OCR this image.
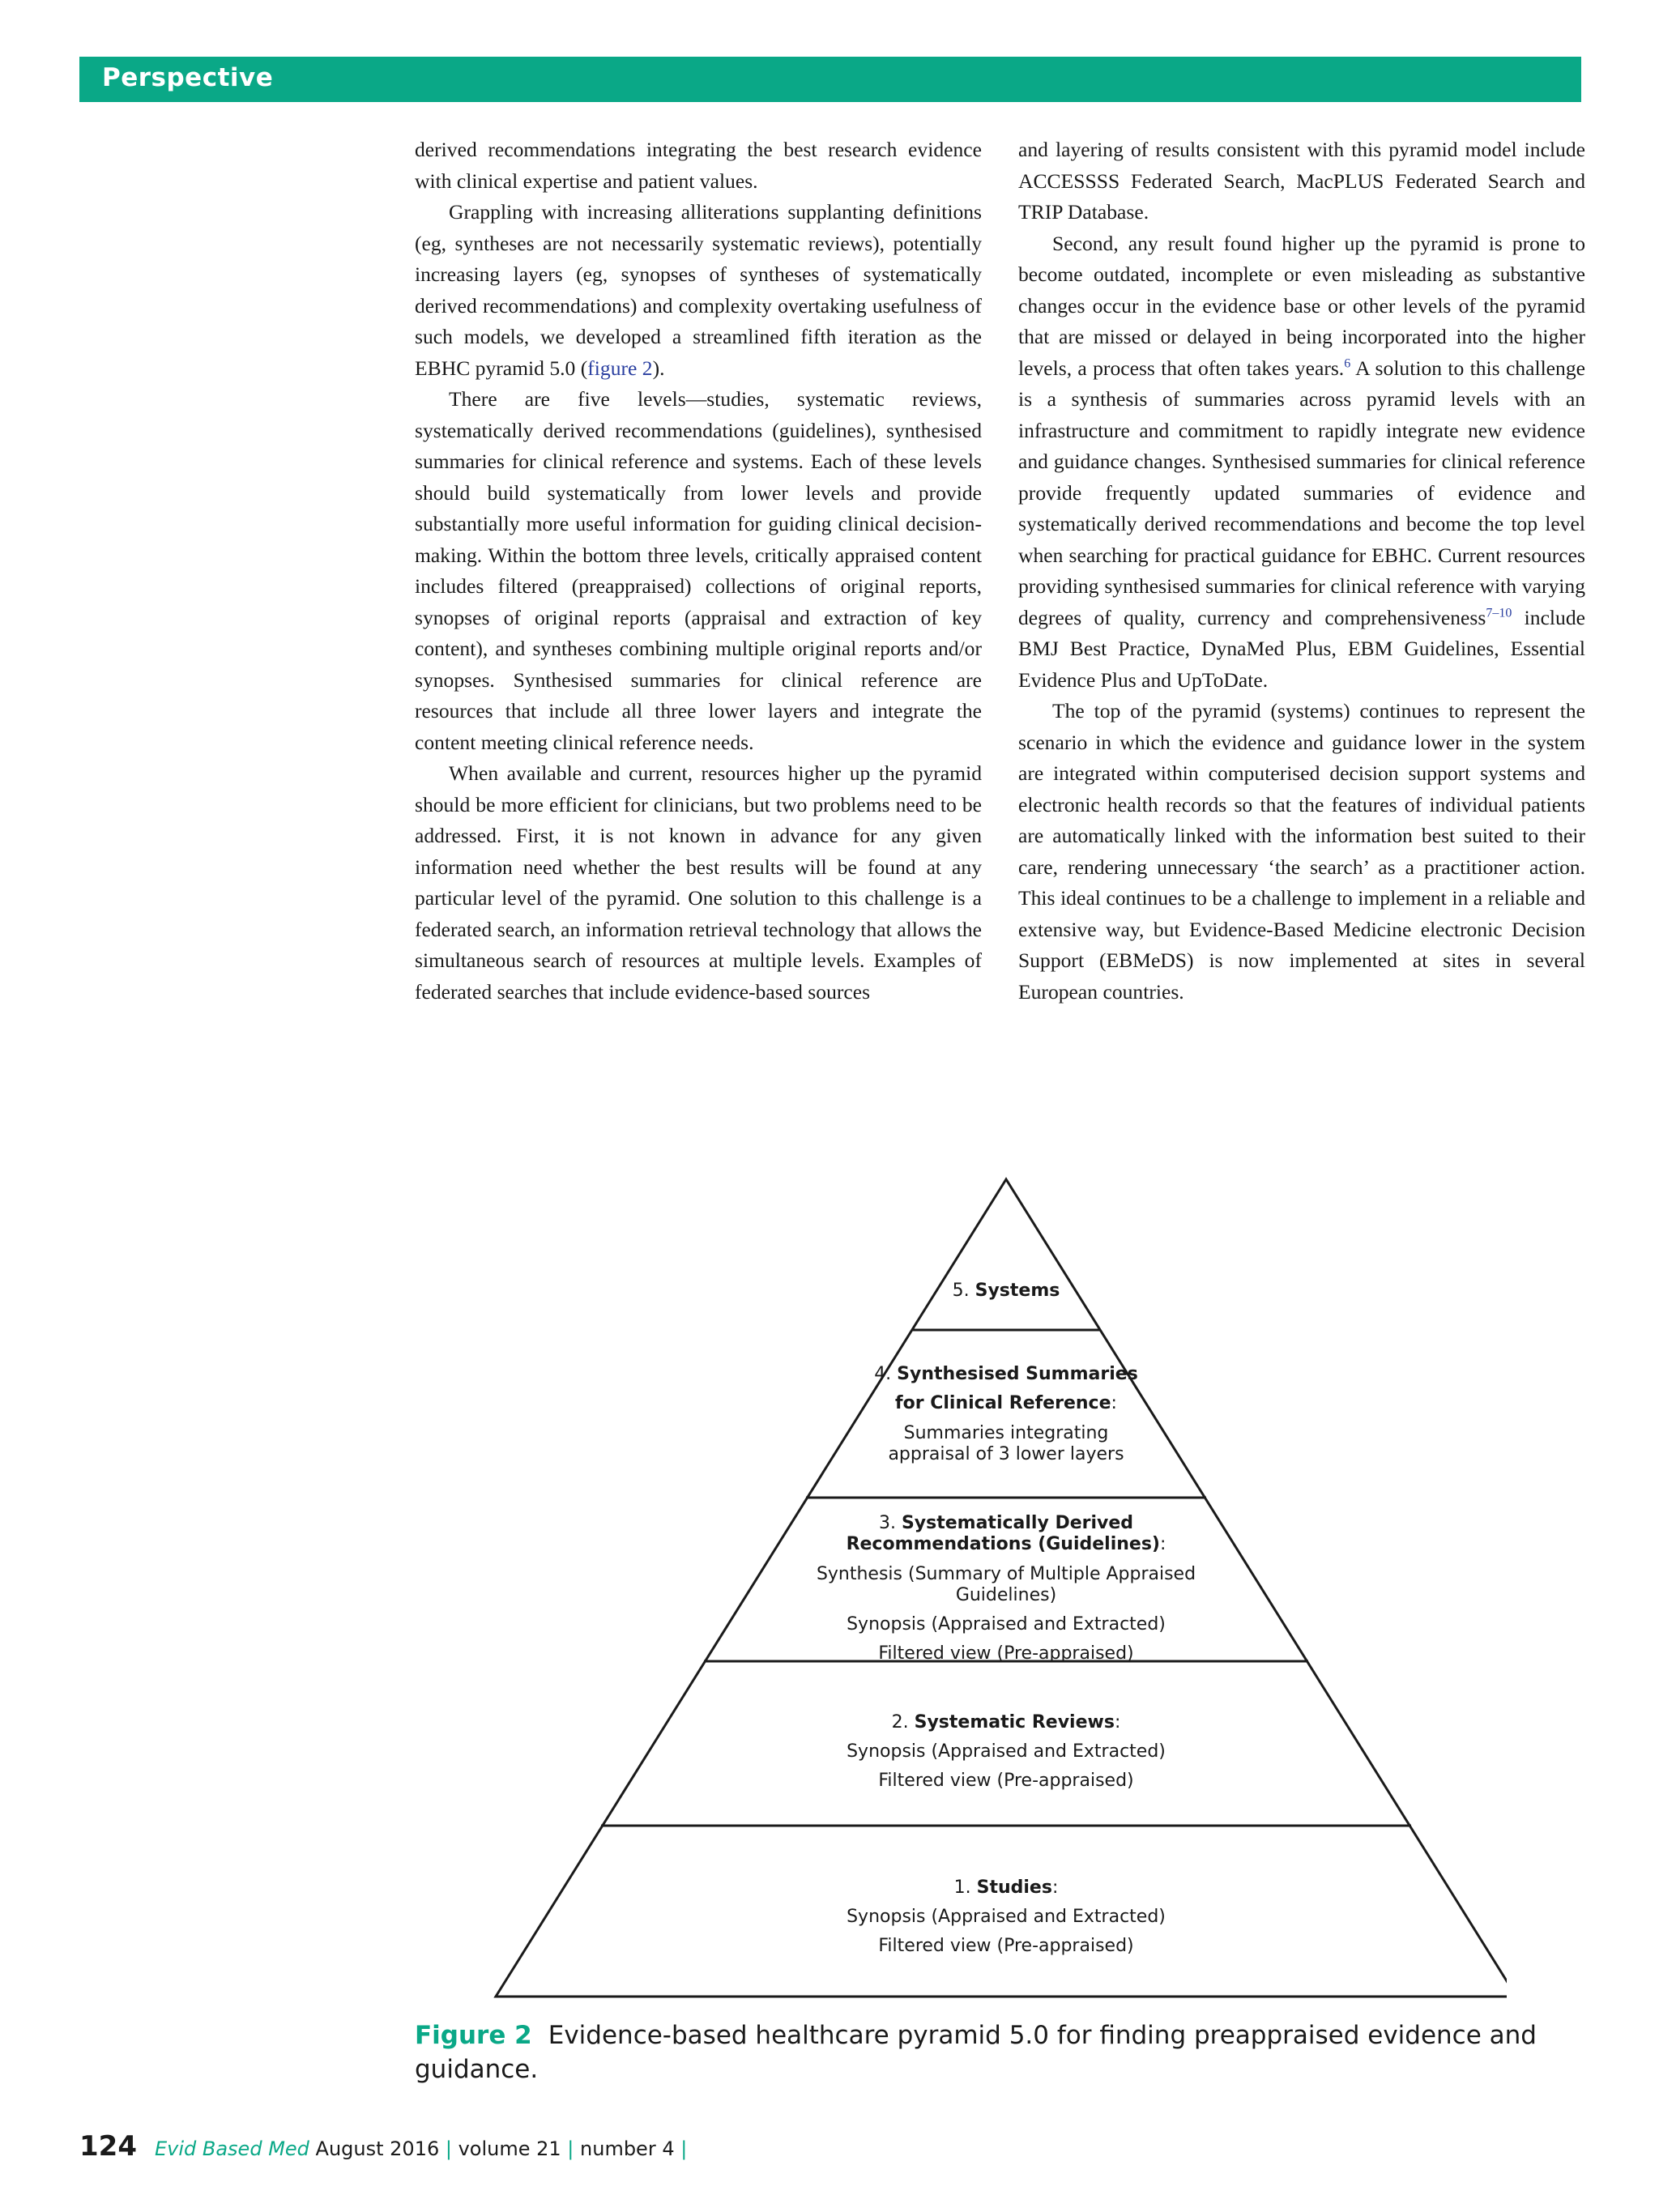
Perspective

derived recommendations integrating the best research evidence with clinical expertise and patient values.

Grappling with increasing alliterations supplanting definitions (eg, syntheses are not necessarily systematic reviews), potentially increasing layers (eg, synopses of syntheses of systematically derived recommendations) and complexity overtaking usefulness of such models, we developed a streamlined fifth iteration as the EBHC pyramid 5.0 (figure 2).

There are five levels—studies, systematic reviews, systematically derived recommendations (guidelines), synthesised summaries for clinical reference and systems. Each of these levels should build systematically from lower levels and provide substantially more useful information for guiding clinical decision-making. Within the bottom three levels, critically appraised content includes filtered (preappraised) collections of original reports, synopses of original reports (appraisal and extraction of key content), and syntheses combining multiple original reports and/or synopses. Synthesised summaries for clinical reference are resources that include all three lower layers and integrate the content meeting clinical reference needs.

When available and current, resources higher up the pyramid should be more efficient for clinicians, but two problems need to be addressed. First, it is not known in advance for any given information need whether the best results will be found at any particular level of the pyramid. One solution to this challenge is a federated search, an information retrieval technology that allows the simultaneous search of resources at multiple levels. Examples of federated searches that include evidence-based sources

and layering of results consistent with this pyramid model include ACCESSSS Federated Search, MacPLUS Federated Search and TRIP Database.

Second, any result found higher up the pyramid is prone to become outdated, incomplete or even misleading as substantive changes occur in the evidence base or other levels of the pyramid that are missed or delayed in being incorporated into the higher levels, a process that often takes years.$^6$ A solution to this challenge is a synthesis of summaries across pyramid levels with an infrastructure and commitment to rapidly integrate new evidence and guidance changes. Synthesised summaries for clinical reference provide frequently updated summaries of evidence and systematically derived recommendations and become the top level when searching for practical guidance for EBHC. Current resources providing synthesised summaries for clinical reference with varying degrees of quality, currency and comprehensiveness$^{7-10}$ include BMJ Best Practice, DynaMed Plus, EBM Guidelines, Essential Evidence Plus and UpToDate.

The top of the pyramid (systems) continues to represent the scenario in which the evidence and guidance lower in the system are integrated within computerised decision support systems and electronic health records so that the features of individual patients are automatically linked with the information best suited to their care, rendering unnecessary ‘the search’ as a practitioner action. This ideal continues to be a challenge to implement in a reliable and extensive way, but Evidence-Based Medicine electronic Decision Support (EBMeDS) is now implemented at sites in several European countries.

5. Systems
4. Synthesised Summaries
for Clinical Reference:
Summaries integrating
appraisal of 3 lower layers
3. Systematically Derived
Recommendations (Guidelines):
Synthesis (Summary of Multiple Appraised
Guidelines)
Synopsis (Appraised and Extracted)
Filtered view (Pre-appraised)
2. Systematic Reviews:
Synopsis (Appraised and Extracted)
Filtered view (Pre-appraised)
1. Studies:
Synopsis (Appraised and Extracted)
Filtered view (Pre-appraised)
Figure 2 Evidence-based healthcare pyramid 5.0 for finding preappraised evidence and guidance.
124 Evid Based Med August 2016 | volume 21 | number 4 |
